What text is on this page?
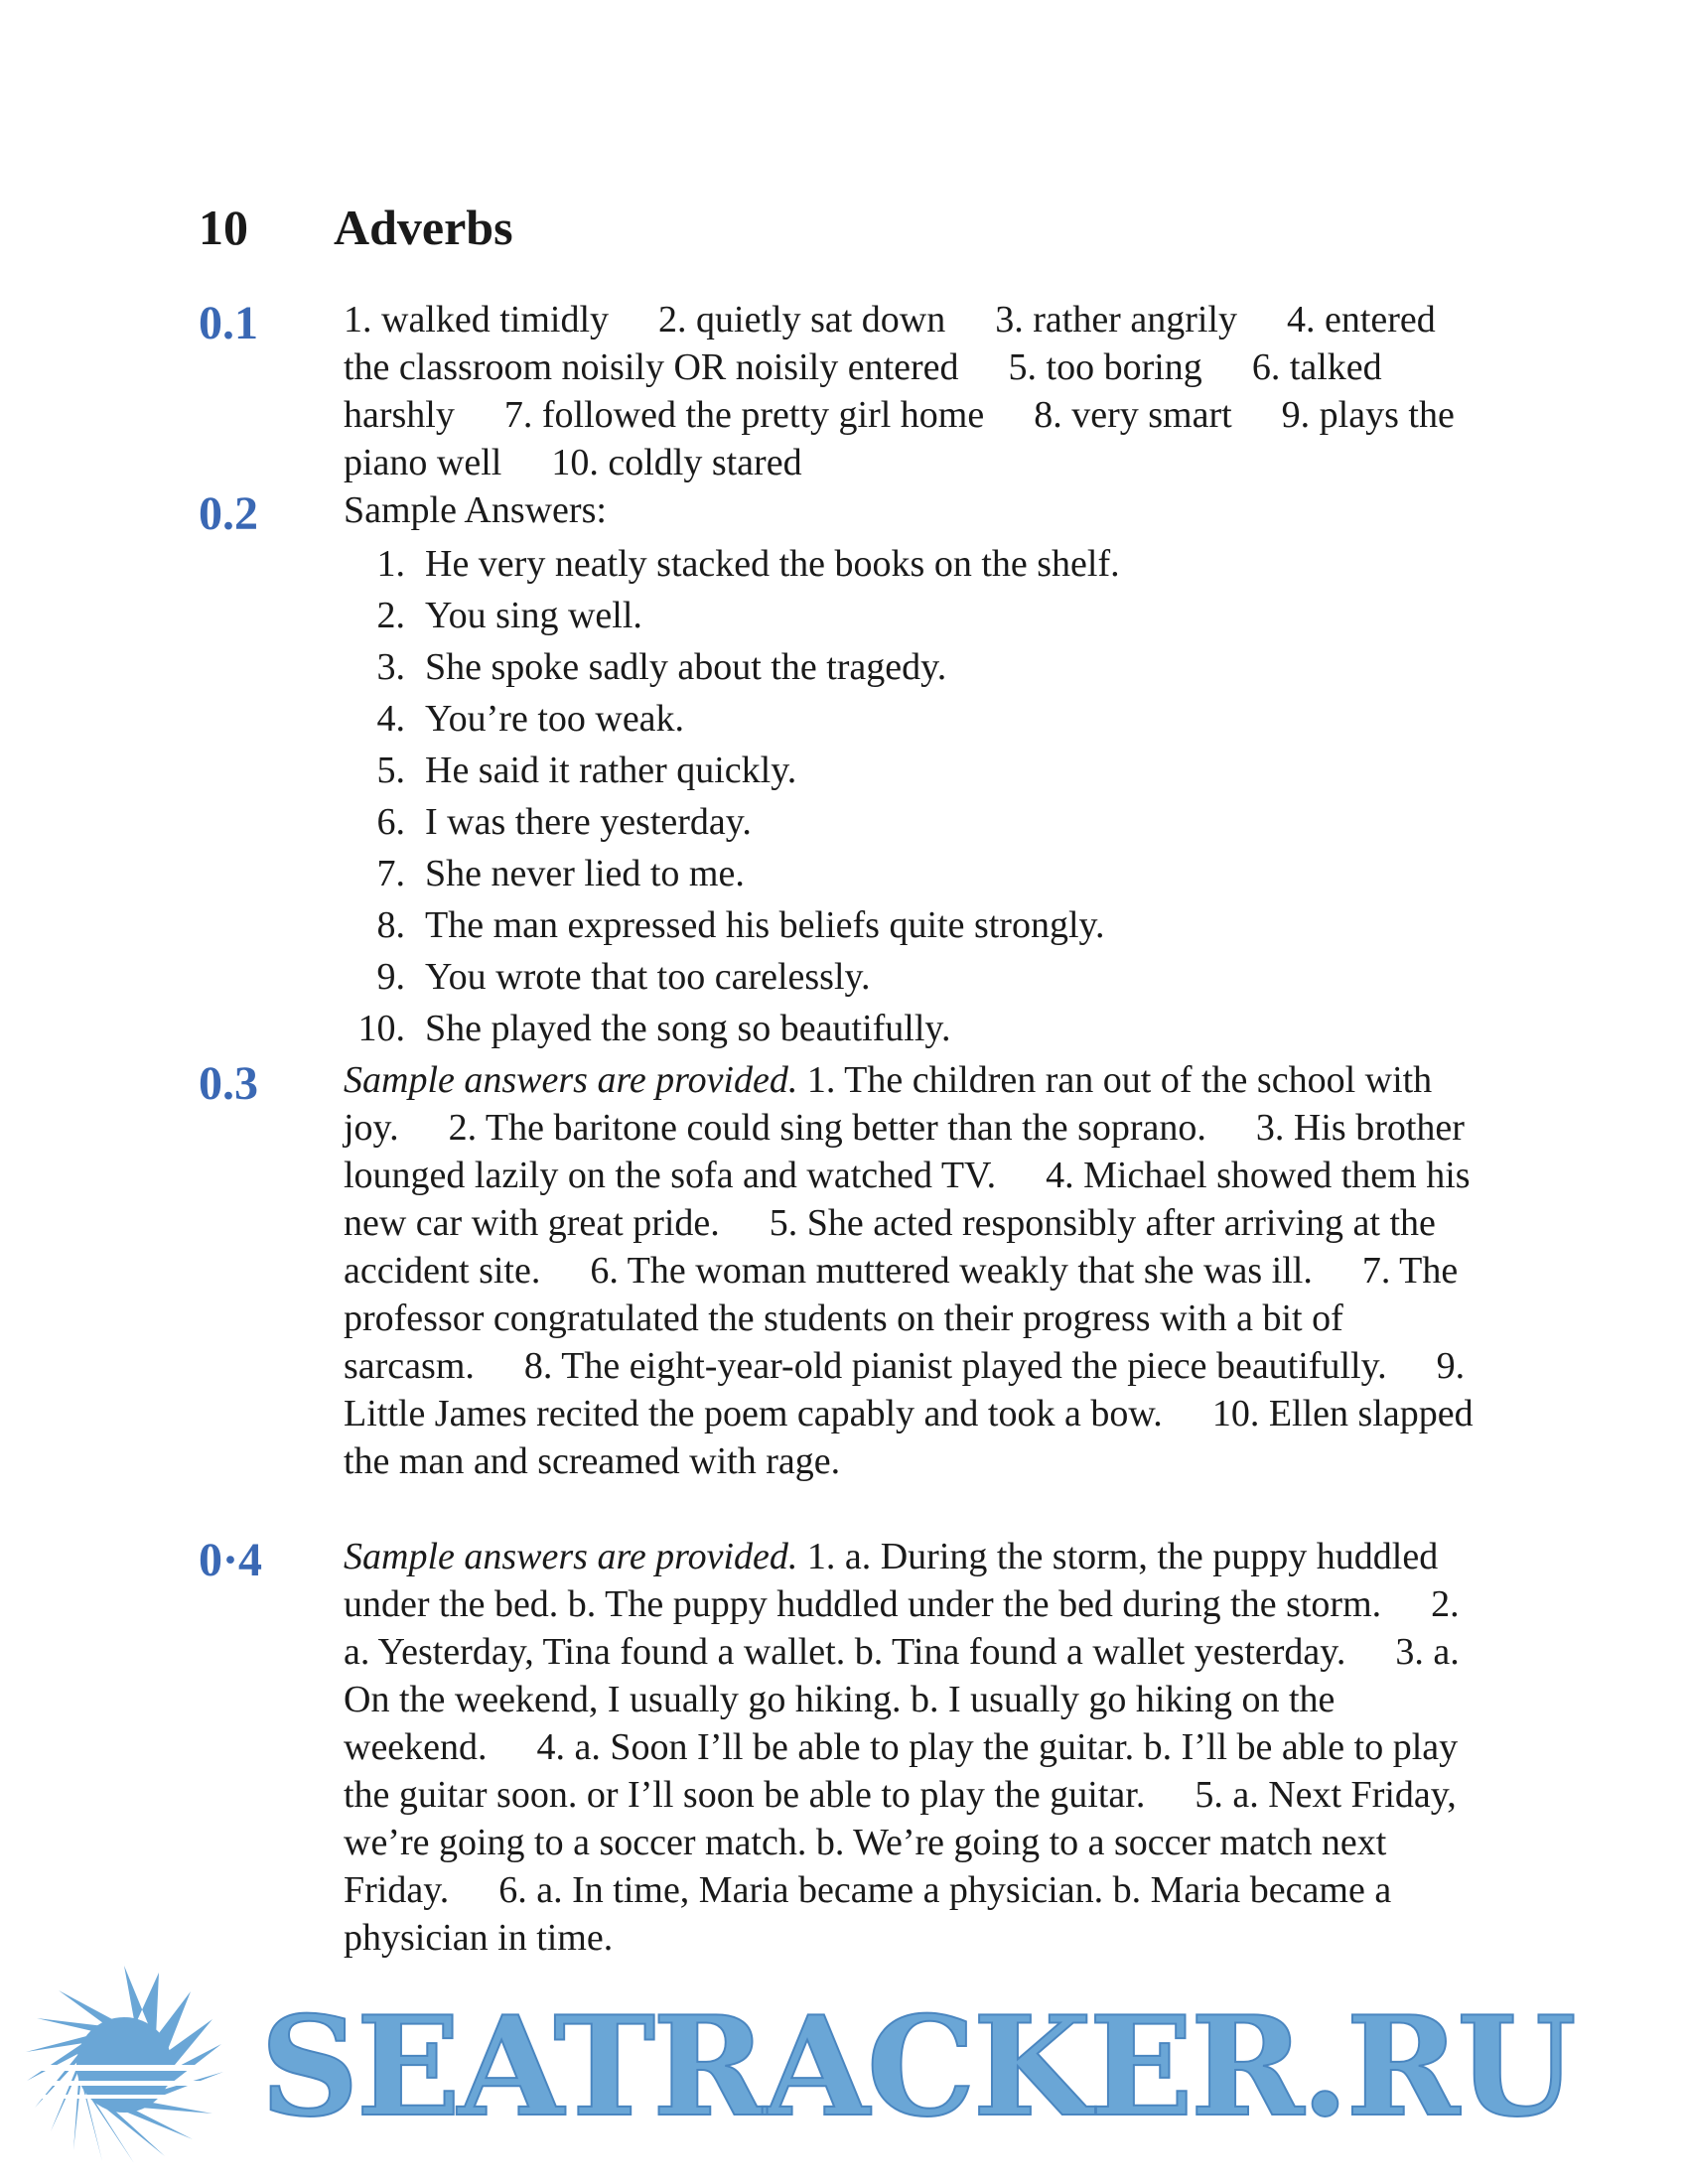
10 Adverbs
0.1 1. walked timidly 2. quietly sat down 3. rather angrily 4. entered the classroom noisily OR noisily entered 5. too boring 6. talked harshly 7. followed the pretty girl home 8. very smart 9. plays the piano well 10. coldly stared
0.2 Sample Answers:
1. He very neatly stacked the books on the shelf.
2. You sing well.
3. She spoke sadly about the tragedy.
4. You’re too weak.
5. He said it rather quickly.
6. I was there yesterday.
7. She never lied to me.
8. The man expressed his beliefs quite strongly.
9. You wrote that too carelessly.
10. She played the song so beautifully.
0.3 Sample answers are provided. 1. The children ran out of the school with joy. 2. The baritone could sing better than the soprano. 3. His brother lounged lazily on the sofa and watched TV. 4. Michael showed them his new car with great pride. 5. She acted responsibly after arriving at the accident site. 6. The woman muttered weakly that she was ill. 7. The professor congratulated the students on their progress with a bit of sarcasm. 8. The eight-year-old pianist played the piece beautifully. 9. Little James recited the poem capably and took a bow. 10. Ellen slapped the man and screamed with rage.
0·4 Sample answers are provided. 1. a. During the storm, the puppy huddled under the bed. b. The puppy huddled under the bed during the storm. 2. a. Yesterday, Tina found a wallet. b. Tina found a wallet yesterday. 3. a. On the weekend, I usually go hiking. b. I usually go hiking on the weekend. 4. a. Soon I’ll be able to play the guitar. b. I’ll be able to play the guitar soon. or I’ll soon be able to play the guitar. 5. a. Next Friday, we’re going to a soccer match. b. We’re going to a soccer match next Friday. 6. a. In time, Maria became a physician. b. Maria became a physician in time.
SEATRACKER.RU
